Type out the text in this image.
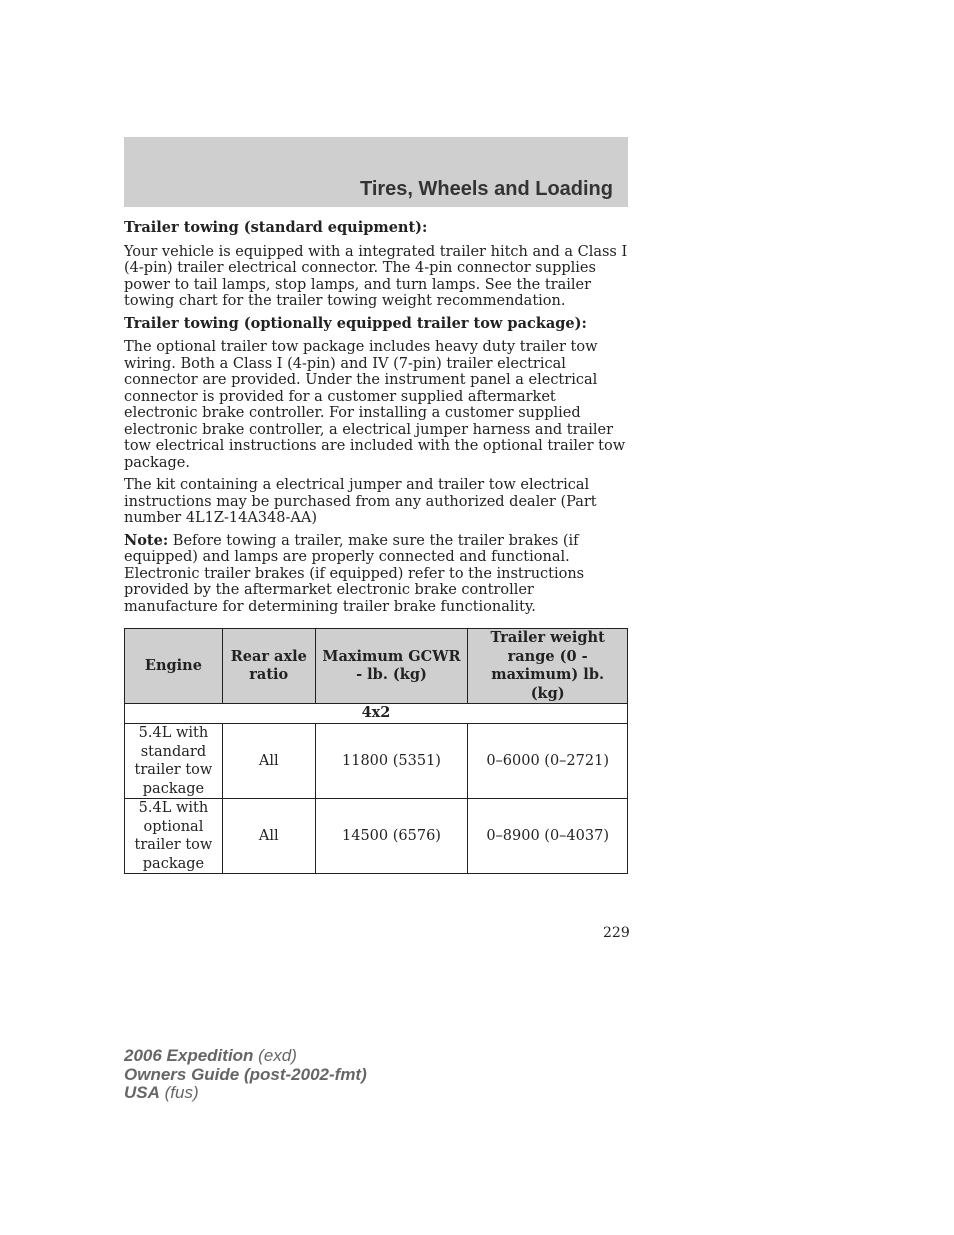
Tires, Wheels and Loading

Trailer towing (standard equipment):

Your vehicle is equipped with a integrated trailer hitch and a Class I (4-pin) trailer electrical connector. The 4-pin connector supplies power to tail lamps, stop lamps, and turn lamps. See the trailer towing chart for the trailer towing weight recommendation.

Trailer towing (optionally equipped trailer tow package):

The optional trailer tow package includes heavy duty trailer tow wiring. Both a Class I (4-pin) and IV (7-pin) trailer electrical connector are provided. Under the instrument panel a electrical connector is provided for a customer supplied aftermarket electronic brake controller. For installing a customer supplied electronic brake controller, a electrical jumper harness and trailer tow electrical instructions are included with the optional trailer tow package.

The kit containing a electrical jumper and trailer tow electrical instructions may be purchased from any authorized dealer (Part number 4L1Z-14A348-AA)

Note: Before towing a trailer, make sure the trailer brakes (if equipped) and lamps are properly connected and functional. Electronic trailer brakes (if equipped) refer to the instructions provided by the aftermarket electronic brake controller manufacture for determining trailer brake functionality.

Engine	Rear axle ratio	Maximum GCWR - lb. (kg)	Trailer weight range (0 - maximum) lb. (kg)
4x2			
5.4L with standard trailer tow package	All	11800 (5351)	0–6000 (0–2721)
5.4L with optional trailer tow package	All	14500 (6576)	0–8900 (0–4037)
229
2006 Expedition (exd)
Owners Guide (post-2002-fmt)
USA (fus)
